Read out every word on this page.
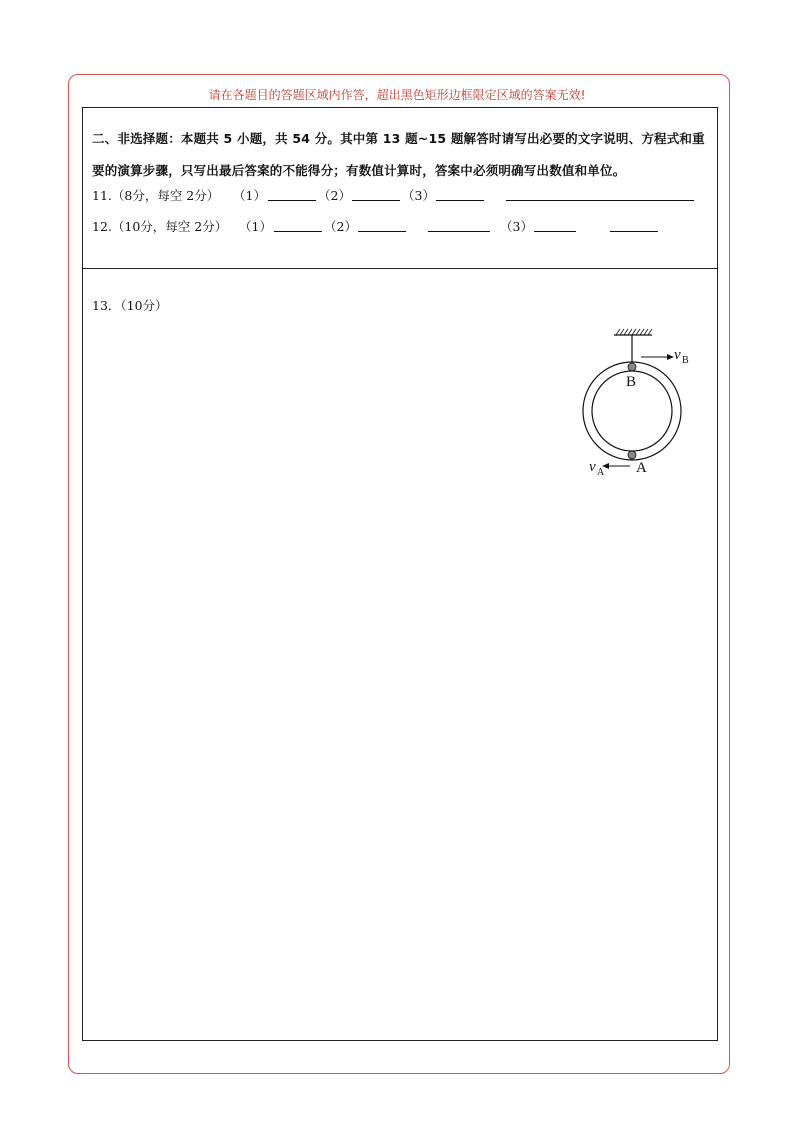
请在各题目的答题区域内作答，超出黑色矩形边框限定区域的答案无效!
二、非选择题：本题共 5 小题，共 54 分。其中第 13 题~15 题解答时请写出必要的文字说明、方程式和重要的演算步骤，只写出最后答案的不能得分；有数值计算时，答案中必须明确写出数值和单位。
11.（8分，每空 2分） （1）	（2）	（3）
12.（10分，每空 2分） （1）	（2）	（3）
13．（10分）
B
A
v B
v A
